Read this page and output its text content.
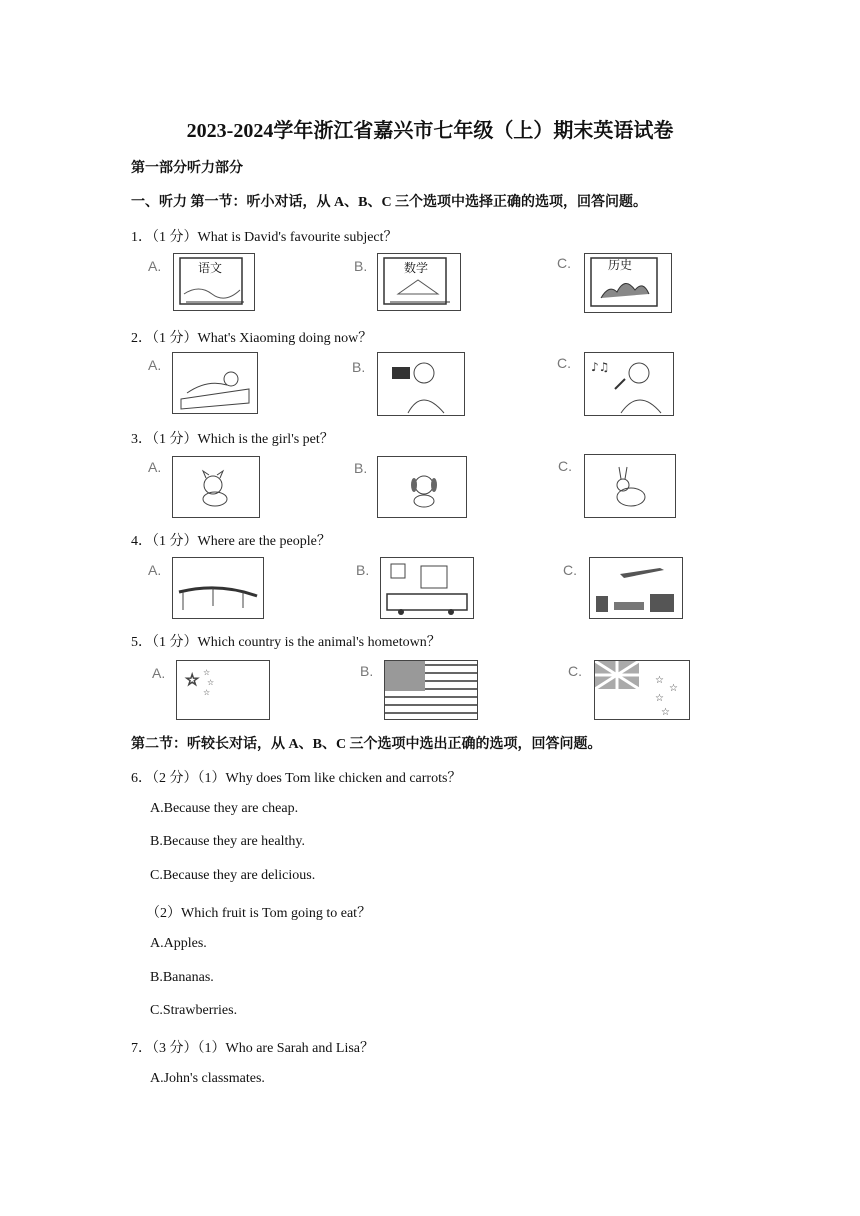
2023-2024学年浙江省嘉兴市七年级（上）期末英语试卷
第一部分听力部分
一、听力 第一节：听小对话，从 A、B、C 三个选项中选择正确的选项，回答问题。
1．（1 分）What is David's favourite subject？
A.	语文	B.	数学	C.	历史
2．（1 分）What's Xiaoming doing now？
A.	B.	C. ♪♫
3．（1 分）Which is the girl's pet？
A.	B.	C.
4．（1 分）Where are the people？
A.	B.	C.
5．（1 分）Which country is the animal's hometown？
A. ☆ ☆
☆
☆
B.	C.
☆
☆
☆
☆
第二节：听较长对话，从 A、B、C 三个选项中选出正确的选项，回答问题。
6．（2 分）（1）Why does Tom like chicken and carrots？
A.Because they are cheap.
B.Because they are healthy.
C.Because they are delicious.
（2）Which fruit is Tom going to eat？
A.Apples.
B.Bananas.
C.Strawberries.
7．（3 分）（1）Who are Sarah and Lisa？
A.John's classmates.
